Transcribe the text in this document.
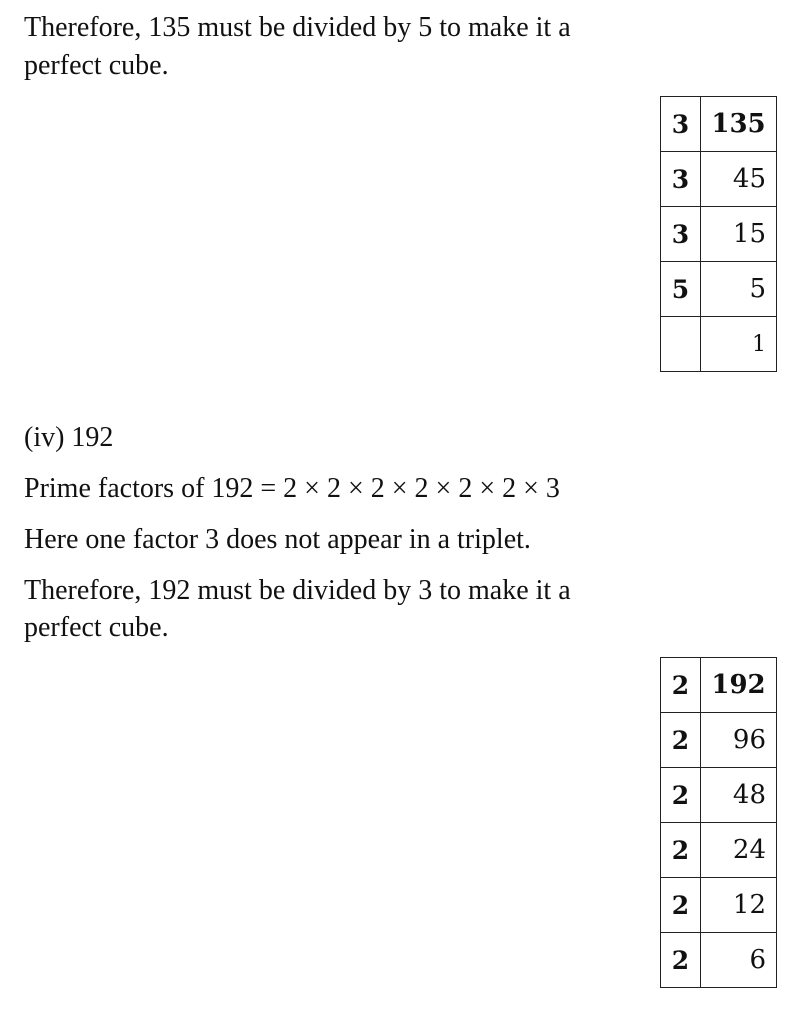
Therefore, 135 must be divided by 5 to make it a
perfect cube.
3	135
3	45
3	15
5	5
	1
(iv) 192
Prime factors of 192 = 2 × 2 × 2 × 2 × 2 × 2 × 3
Here one factor 3 does not appear in a triplet.
Therefore, 192 must be divided by 3 to make it a
perfect cube.
2	192
2	96
2	48
2	24
2	12
2	6
